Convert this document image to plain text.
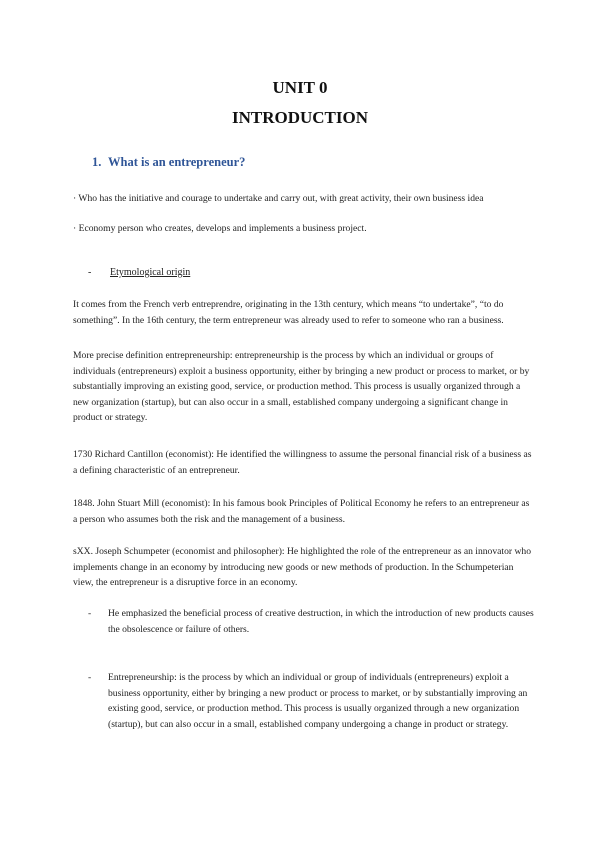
UNIT 0
INTRODUCTION
1. What is an entrepreneur?

· Who has the initiative and courage to undertake and carry out, with great activity, their own business idea

· Economy person who creates, develops and implements a business project.

- Etymological origin

It comes from the French verb entreprendre, originating in the 13th century, which means “to undertake”, “to do something”. In the 16th century, the term entrepreneur was already used to refer to someone who ran a business.

More precise definition entrepreneurship: entrepreneurship is the process by which an individual or groups of individuals (entrepreneurs) exploit a business opportunity, either by bringing a new product or process to market, or by substantially improving an existing good, service, or production method. This process is usually organized through a new organization (startup), but can also occur in a small, established company undergoing a significant change in product or strategy.

1730 Richard Cantillon (economist): He identified the willingness to assume the personal financial risk of a business as a defining characteristic of an entrepreneur.

1848. John Stuart Mill (economist): In his famous book Principles of Political Economy he refers to an entrepreneur as a person who assumes both the risk and the management of a business.

sXX. Joseph Schumpeter (economist and philosopher): He highlighted the role of the entrepreneur as an innovator who implements change in an economy by introducing new goods or new methods of production. In the Schumpeterian view, the entrepreneur is a disruptive force in an economy.

- He emphasized the beneficial process of creative destruction, in which the introduction of new products causes the obsolescence or failure of others.
- Entrepreneurship: is the process by which an individual or group of individuals (entrepreneurs) exploit a business opportunity, either by bringing a new product or process to market, or by substantially improving an existing good, service, or production method. This process is usually organized through a new organization (startup), but can also occur in a small, established company undergoing a change in product or strategy.
